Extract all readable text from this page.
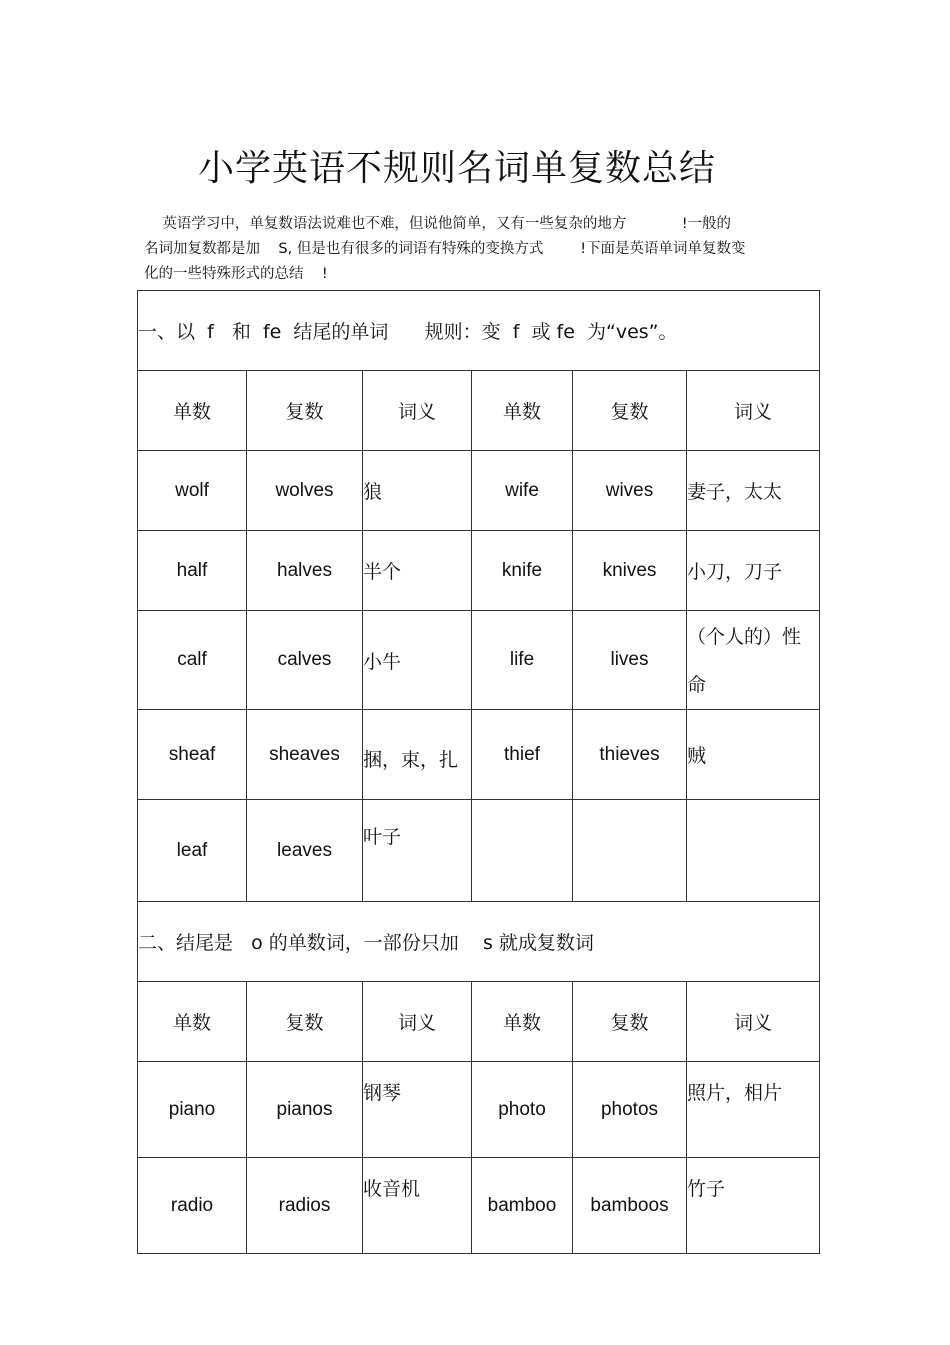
小学英语不规则名词单复数总结

英语学习中，单复数语法说难也不难，但说他简单，又有一些复杂的地方            !一般的
名词加复数都是加    S, 但是也有很多的词语有特殊的变换方式        !下面是英语单词单复数变
化的一些特殊形式的总结    !

一、以  f   和  fe  结尾的单词      规则：变  f  或 fe  为“ves”。					
单数	复数	词义	单数	复数	词义
wolf	wolves	狼	wife	wives	妻子，太太
half	halves	半个	knife	knives	小刀，刀子
calf	calves	小牛	life	lives	（个人的）性命
sheaf	sheaves	捆，束，扎	thief	thieves	贼
leaf	leaves	叶子			
二、结尾是   o 的单数词，一部份只加    s 就成复数词					
单数	复数	词义	单数	复数	词义
piano	pianos	钢琴	photo	photos	照片，相片
radio	radios	收音机	bamboo	bamboos	竹子
